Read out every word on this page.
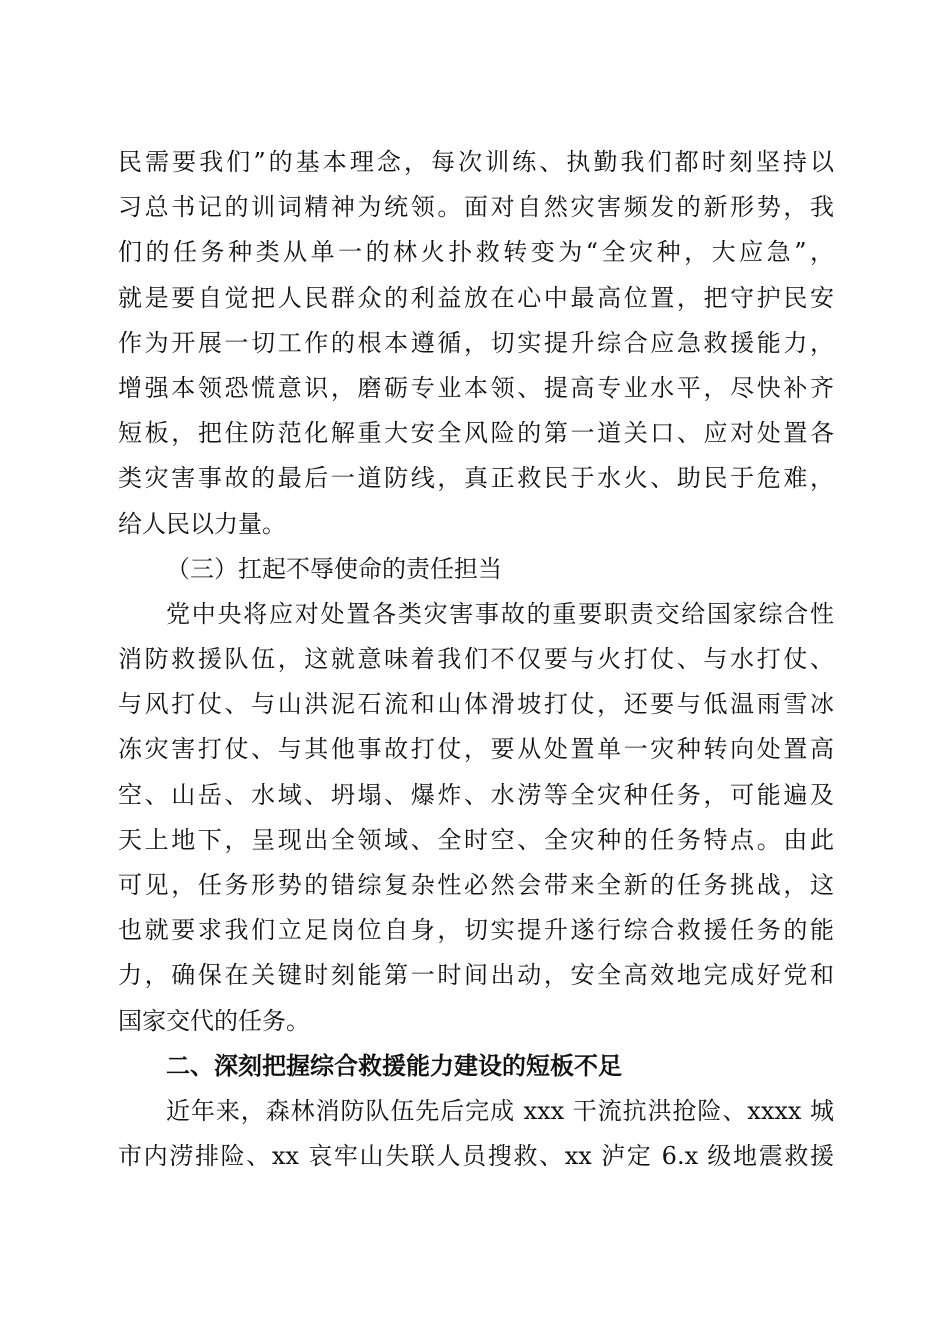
民需要我们”的基本理念，每次训练、执勤我们都时刻坚持以
习总书记的训词精神为统领。面对自然灾害频发的新形势，我
们的任务种类从单一的林火扑救转变为“全灾种，大应急”，
就是要自觉把人民群众的利益放在心中最高位置，把守护民安
作为开展一切工作的根本遵循，切实提升综合应急救援能力，
增强本领恐慌意识，磨砺专业本领、提高专业水平，尽快补齐
短板，把住防范化解重大安全风险的第一道关口、应对处置各
类灾害事故的最后一道防线，真正救民于水火、助民于危难，
给人民以力量。
（三）扛起不辱使命的责任担当
党中央将应对处置各类灾害事故的重要职责交给国家综合性
消防救援队伍，这就意味着我们不仅要与火打仗、与水打仗、
与风打仗、与山洪泥石流和山体滑坡打仗，还要与低温雨雪冰
冻灾害打仗、与其他事故打仗，要从处置单一灾种转向处置高
空、山岳、水域、坍塌、爆炸、水涝等全灾种任务，可能遍及
天上地下，呈现出全领域、全时空、全灾种的任务特点。由此
可见，任务形势的错综复杂性必然会带来全新的任务挑战，这
也就要求我们立足岗位自身，切实提升遂行综合救援任务的能
力，确保在关键时刻能第一时间出动，安全高效地完成好党和
国家交代的任务。
二、深刻把握综合救援能力建设的短板不足
近年来，森林消防队伍先后完成 xxx 干流抗洪抢险、xxxx 城
市内涝排险、xx 哀牢山失联人员搜救、xx 泸定 6.x 级地震救援
